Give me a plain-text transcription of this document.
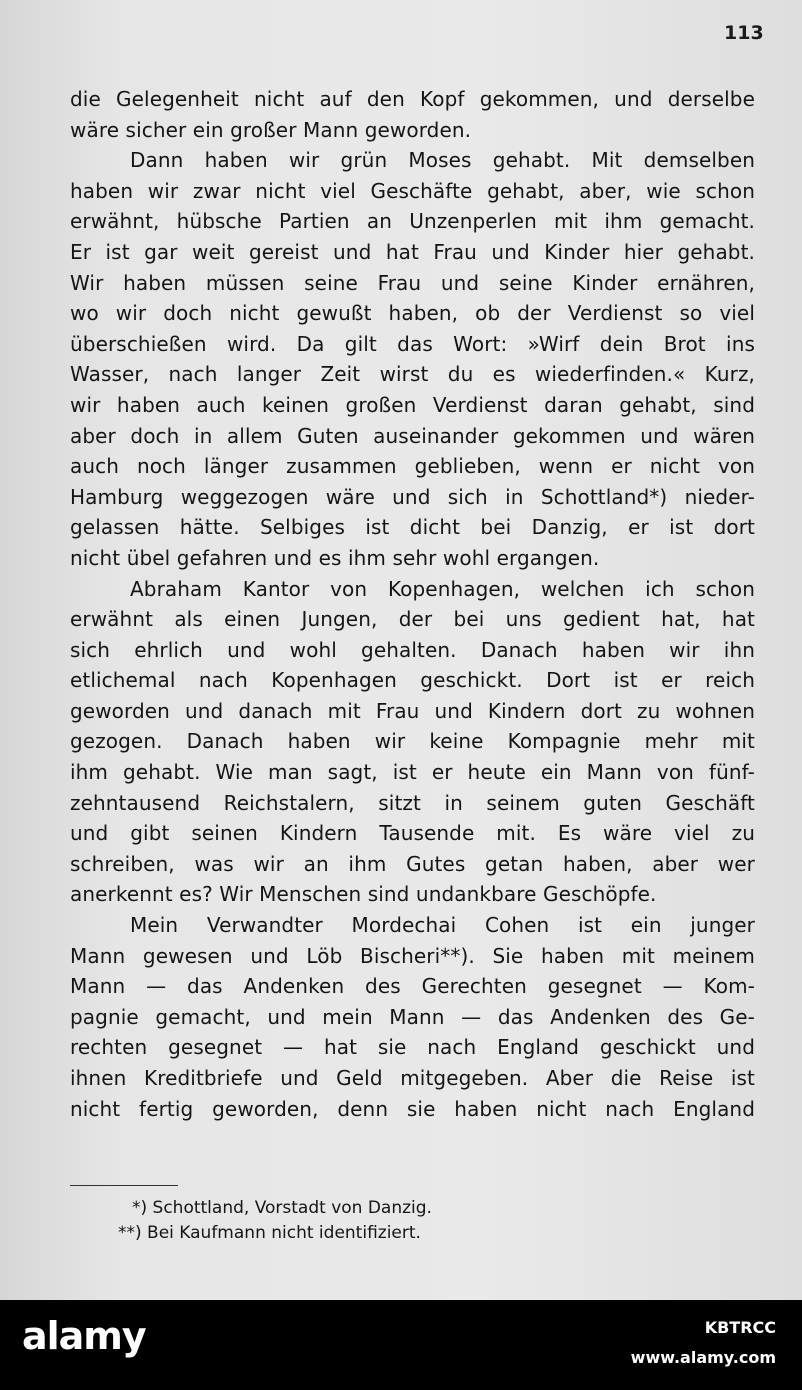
113
die Gelegenheit nicht auf den Kopf gekommen, und derselbe
wäre sicher ein großer Mann geworden.
Dann haben wir grün Moses gehabt. Mit demselben
haben wir zwar nicht viel Geschäfte gehabt, aber, wie schon
erwähnt, hübsche Partien an Unzenperlen mit ihm gemacht.
Er ist gar weit gereist und hat Frau und Kinder hier gehabt.
Wir haben müssen seine Frau und seine Kinder ernähren,
wo wir doch nicht gewußt haben, ob der Verdienst so viel
überschießen wird. Da gilt das Wort: »Wirf dein Brot ins
Wasser, nach langer Zeit wirst du es wiederfinden.« Kurz,
wir haben auch keinen großen Verdienst daran gehabt, sind
aber doch in allem Guten auseinander gekommen und wären
auch noch länger zusammen geblieben, wenn er nicht von
Hamburg weggezogen wäre und sich in Schottland*) nieder-
gelassen hätte. Selbiges ist dicht bei Danzig, er ist dort
nicht übel gefahren und es ihm sehr wohl ergangen.
Abraham Kantor von Kopenhagen, welchen ich schon
erwähnt als einen Jungen, der bei uns gedient hat, hat
sich ehrlich und wohl gehalten. Danach haben wir ihn
etlichemal nach Kopenhagen geschickt. Dort ist er reich
geworden und danach mit Frau und Kindern dort zu wohnen
gezogen. Danach haben wir keine Kompagnie mehr mit
ihm gehabt. Wie man sagt, ist er heute ein Mann von fünf-
zehntausend Reichstalern, sitzt in seinem guten Geschäft
und gibt seinen Kindern Tausende mit. Es wäre viel zu
schreiben, was wir an ihm Gutes getan haben, aber wer
anerkennt es? Wir Menschen sind undankbare Geschöpfe.
Mein Verwandter Mordechai Cohen ist ein junger
Mann gewesen und Löb Bischeri**). Sie haben mit meinem
Mann — das Andenken des Gerechten gesegnet — Kom-
pagnie gemacht, und mein Mann — das Andenken des Ge-
rechten gesegnet — hat sie nach England geschickt und
ihnen Kreditbriefe und Geld mitgegeben. Aber die Reise ist
nicht fertig geworden, denn sie haben nicht nach England
*) Schottland, Vorstadt von Danzig.
**) Bei Kaufmann nicht identifiziert.
alamy	KBTRCC
www.alamy.com
